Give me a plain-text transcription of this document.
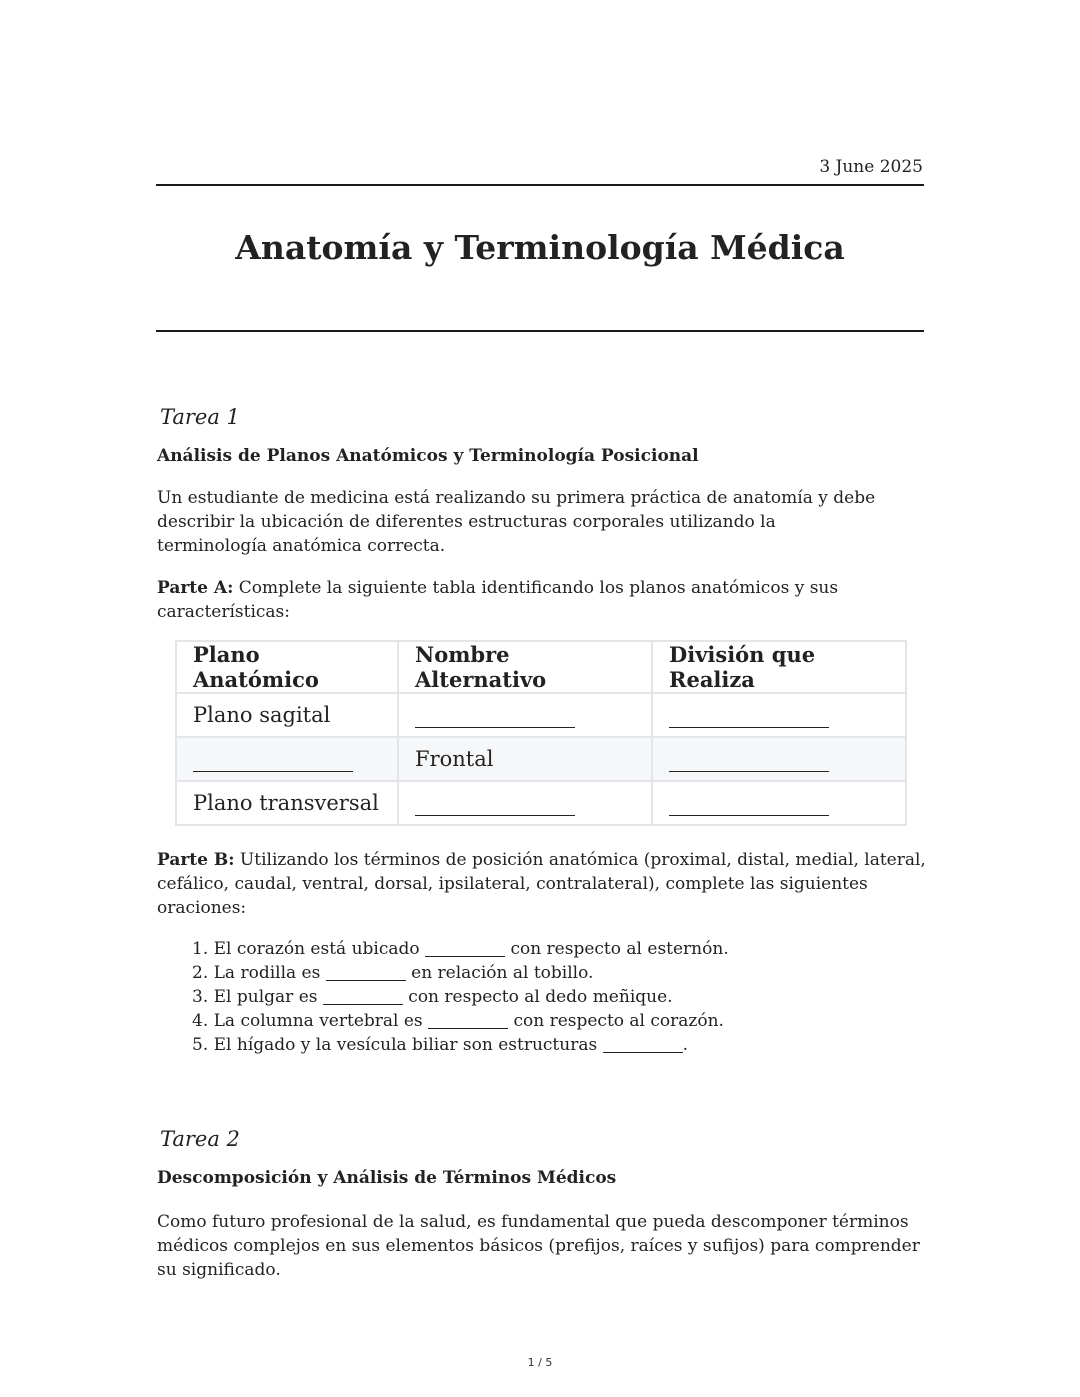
3 June 2025
Anatomía y Terminología Médica
Tarea 1

Análisis de Planos Anatómicos y Terminología Posicional

Un estudiante de medicina está realizando su primera práctica de anatomía y debe describir la ubicación de diferentes estructuras corporales utilizando la terminología anatómica correcta.

Parte A: Complete la siguiente tabla identificando los planos anatómicos y sus características:

Plano Anatómico	Nombre Alternativo	División que Realiza
Plano sagital		
	Frontal	
Plano transversal		

Parte B: Utilizando los términos de posición anatómica (proximal, distal, medial, lateral, cefálico, caudal, ventral, dorsal, ipsilateral, contralateral), complete las siguientes oraciones:

1. El corazón está ubicado	con respecto al esternón.
2. La rodilla es	en relación al tobillo.
3. El pulgar es	con respecto al dedo meñique.
4. La columna vertebral es	con respecto al corazón.
5. El hígado y la vesícula biliar son estructuras	.
Tarea 2

Descomposición y Análisis de Términos Médicos

Como futuro profesional de la salud, es fundamental que pueda descomponer términos médicos complejos en sus elementos básicos (prefijos, raíces y sufijos) para comprender su significado.

1 / 5
